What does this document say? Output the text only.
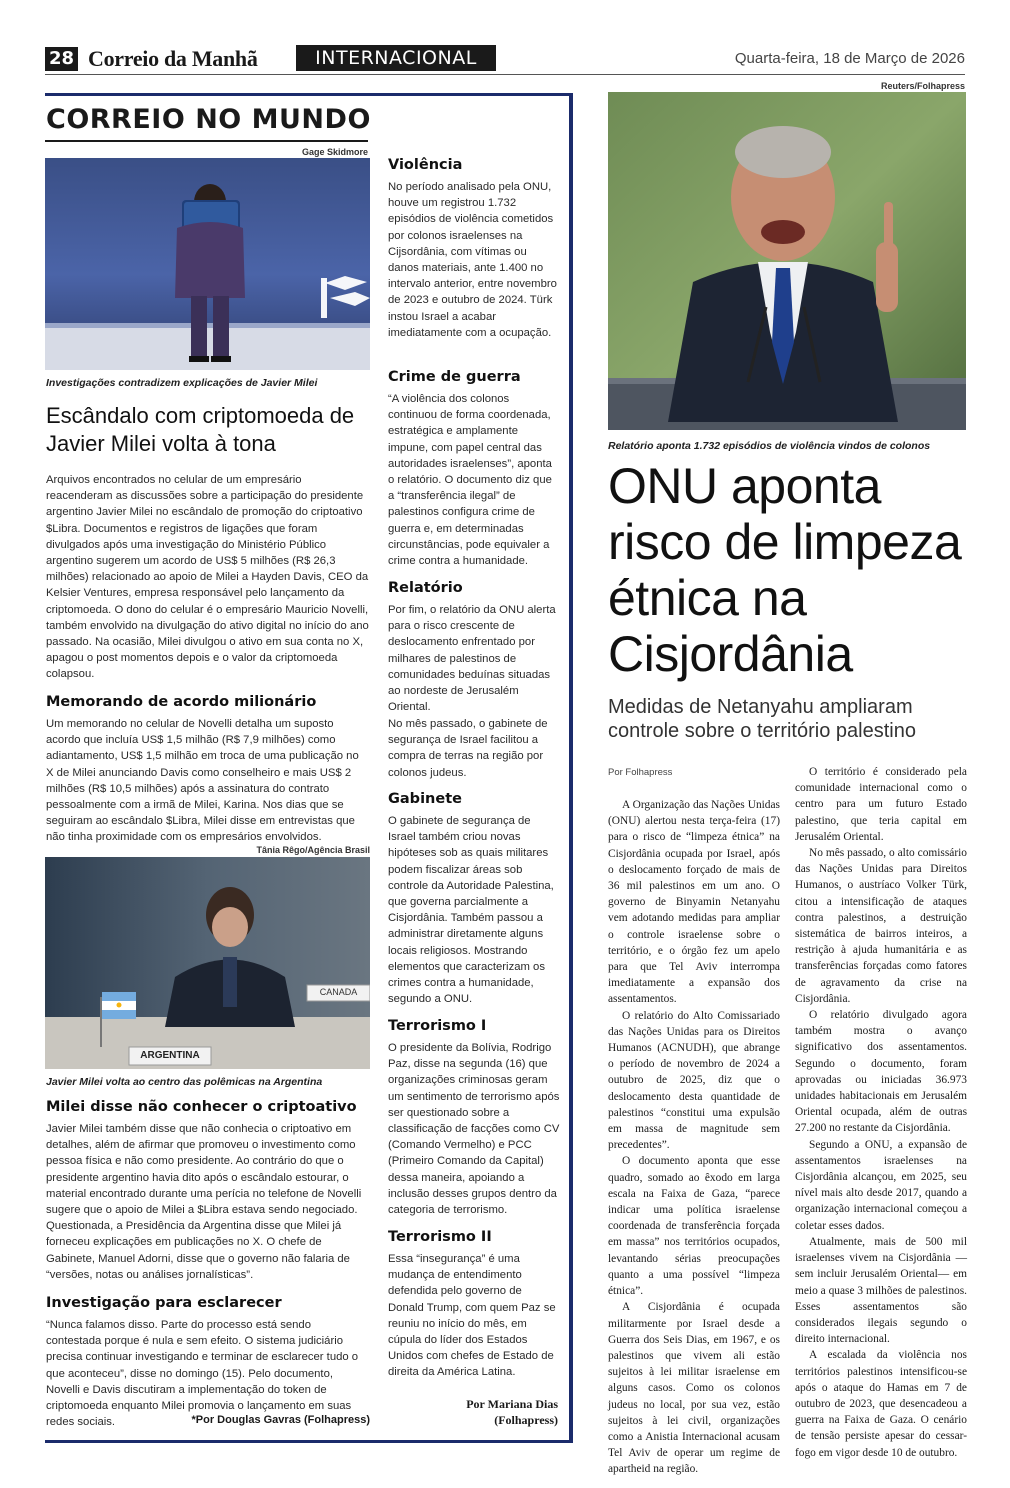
28 Correio da Manhã	INTERNACIONAL	Quarta-feira, 18 de Março de 2026
CORREIO NO MUNDO
Gage Skidmore
Investigações contradizem explicações de Javier Milei
Escândalo com criptomoeda de Javier Milei volta à tona
Arquivos encontrados no celular de um empresário reacenderam as discussões sobre a participação do presidente argentino Javier Milei no escândalo de promoção do criptoativo $Libra. Documentos e registros de ligações que foram divulgados após uma investigação do Ministério Público argentino sugerem um acordo de US$ 5 milhões (R$ 26,3 milhões) relacionado ao apoio de Milei a Hayden Davis, CEO da Kelsier Ventures, empresa responsável pelo lançamento da criptomoeda. O dono do celular é o empresário Mauricio Novelli, também envolvido na divulgação do ativo digital no início do ano passado. Na ocasião, Milei divulgou o ativo em sua conta no X, apagou o post momentos depois e o valor da criptomoeda colapsou.
Memorando de acordo milionário
Um memorando no celular de Novelli detalha um suposto acordo que incluía US$ 1,5 milhão (R$ 7,9 milhões) como adiantamento, US$ 1,5 milhão em troca de uma publicação no X de Milei anunciando Davis como conselheiro e mais US$ 2 milhões (R$ 10,5 milhões) após a assinatura do contrato pessoalmente com a irmã de Milei, Karina. Nos dias que se seguiram ao escândalo $Libra, Milei disse em entrevistas que não tinha proximidade com os empresários envolvidos.
Tânia Rêgo/Agência Brasil
ARGENTINA
CANADA
Javier Milei volta ao centro das polêmicas na Argentina
Milei disse não conhecer o criptoativo
Javier Milei também disse que não conhecia o criptoativo em detalhes, além de afirmar que promoveu o investimento como pessoa física e não como presidente. Ao contrário do que o presidente argentino havia dito após o escândalo estourar, o material encontrado durante uma perícia no telefone de Novelli sugere que o apoio de Milei a $Libra estava sendo negociado. Questionada, a Presidência da Argentina disse que Milei já forneceu explicações em publicações no X. O chefe de Gabinete, Manuel Adorni, disse que o governo não falaria de “versões, notas ou análises jornalísticas”.
Investigação para esclarecer
“Nunca falamos disso. Parte do processo está sendo contestada porque é nula e sem efeito. O sistema judiciário precisa continuar investigando e terminar de esclarecer tudo o que aconteceu”, disse no domingo (15). Pelo documento, Novelli e Davis discutiram a implementação do token de criptomoeda enquanto Milei promovia o lançamento em suas redes sociais.	*Por Douglas Gavras (Folhapress)
Violência
No período analisado pela ONU, houve um registrou 1.732 episódios de violência cometidos por colonos israelenses na Cijsordânia, com vítimas ou danos materiais, ante 1.400 no intervalo anterior, entre novembro de 2023 e outubro de 2024. Türk instou Israel a acabar imediatamente com a ocupação.
Crime de guerra
“A violência dos colonos continuou de forma coordenada, estratégica e amplamente impune, com papel central das autoridades israelenses”, aponta o relatório. O documento diz que a “transferência ilegal” de palestinos configura crime de guerra e, em determinadas circunstâncias, pode equivaler a crime contra a humanidade.
Relatório
Por fim, o relatório da ONU alerta para o risco crescente de deslocamento enfrentado por milhares de palestinos de comunidades beduínas situadas ao nordeste de Jerusalém Oriental.
No mês passado, o gabinete de segurança de Israel facilitou a compra de terras na região por colonos judeus.
Gabinete
O gabinete de segurança de Israel também criou novas hipóteses sob as quais militares podem fiscalizar áreas sob controle da Autoridade Palestina, que governa parcialmente a Cisjordânia. Também passou a administrar diretamente alguns locais religiosos. Mostrando elementos que caracterizam os crimes contra a humanidade, segundo a ONU.
Terrorismo I
O presidente da Bolívia, Rodrigo Paz, disse na segunda (16) que organizações criminosas geram um sentimento de terrorismo após ser questionado sobre a classificação de facções como CV (Comando Vermelho) e PCC (Primeiro Comando da Capital) dessa maneira, apoiando a inclusão desses grupos dentro da categoria de terrorismo.
Terrorismo II
Essa “insegurança” é uma mudança de entendimento defendida pelo governo de Donald Trump, com quem Paz se reuniu no início do mês, em cúpula do líder dos Estados Unidos com chefes de Estado de direita da América Latina.
Por Mariana Dias
(Folhapress)
Reuters/Folhapress
Relatório aponta 1.732 episódios de violência vindos de colonos
ONU aponta risco de limpeza étnica na Cisjordânia
Medidas de Netanyahu ampliaram controle sobre o território palestino
Por Folhapress

A Organização das Nações Unidas (ONU) alertou nesta terça-feira (17) para o risco de “limpeza étnica” na Cisjordânia ocupada por Israel, após o deslocamento forçado de mais de 36 mil palestinos em um ano. O governo de Binyamin Netanyahu vem adotando medidas para ampliar o controle israelense sobre o território, e o órgão fez um apelo para que Tel Aviv interrompa imediatamente a expansão dos assentamentos.

O relatório do Alto Comissariado das Nações Unidas para os Direitos Humanos (ACNUDH), que abrange o período de novembro de 2024 a outubro de 2025, diz que o deslocamento desta quantidade de palestinos “constitui uma expulsão em massa de magnitude sem precedentes”.

O documento aponta que esse quadro, somado ao êxodo em larga escala na Faixa de Gaza, “parece indicar uma política israelense coordenada de transferência forçada em massa” nos territórios ocupados, levantando sérias preocupações quanto a uma possível “limpeza étnica”.

A Cisjordânia é ocupada militarmente por Israel desde a Guerra dos Seis Dias, em 1967, e os palestinos que vivem ali estão sujeitos à lei militar israelense em alguns casos. Como os colonos judeus no local, por sua vez, estão sujeitos à lei civil, organizações como a Anistia Internacional acusam Tel Aviv de operar um regime de apartheid na região.

O território é considerado pela comunidade internacional como o centro para um futuro Estado palestino, que teria capital em Jerusalém Oriental.

No mês passado, o alto comissário das Nações Unidas para Direitos Humanos, o austríaco Volker Türk, citou a intensificação de ataques contra palestinos, a destruição sistemática de bairros inteiros, a restrição à ajuda humanitária e as transferências forçadas como fatores de agravamento da crise na Cisjordânia.

O relatório divulgado agora também mostra o avanço significativo dos assentamentos. Segundo o documento, foram aprovadas ou iniciadas 36.973 unidades habitacionais em Jerusalém Oriental ocupada, além de outras 27.200 no restante da Cisjordânia.

Segundo a ONU, a expansão de assentamentos israelenses na Cisjordânia alcançou, em 2025, seu nível mais alto desde 2017, quando a organização internacional começou a coletar esses dados.

Atualmente, mais de 500 mil israelenses vivem na Cisjordânia —sem incluir Jerusalém Oriental— em meio a quase 3 milhões de palestinos. Esses assentamentos são considerados ilegais segundo o direito internacional.

A escalada da violência nos territórios palestinos intensificou-se após o ataque do Hamas em 7 de outubro de 2023, que desencadeou a guerra na Faixa de Gaza. O cenário de tensão persiste apesar do cessar-fogo em vigor desde 10 de outubro.
